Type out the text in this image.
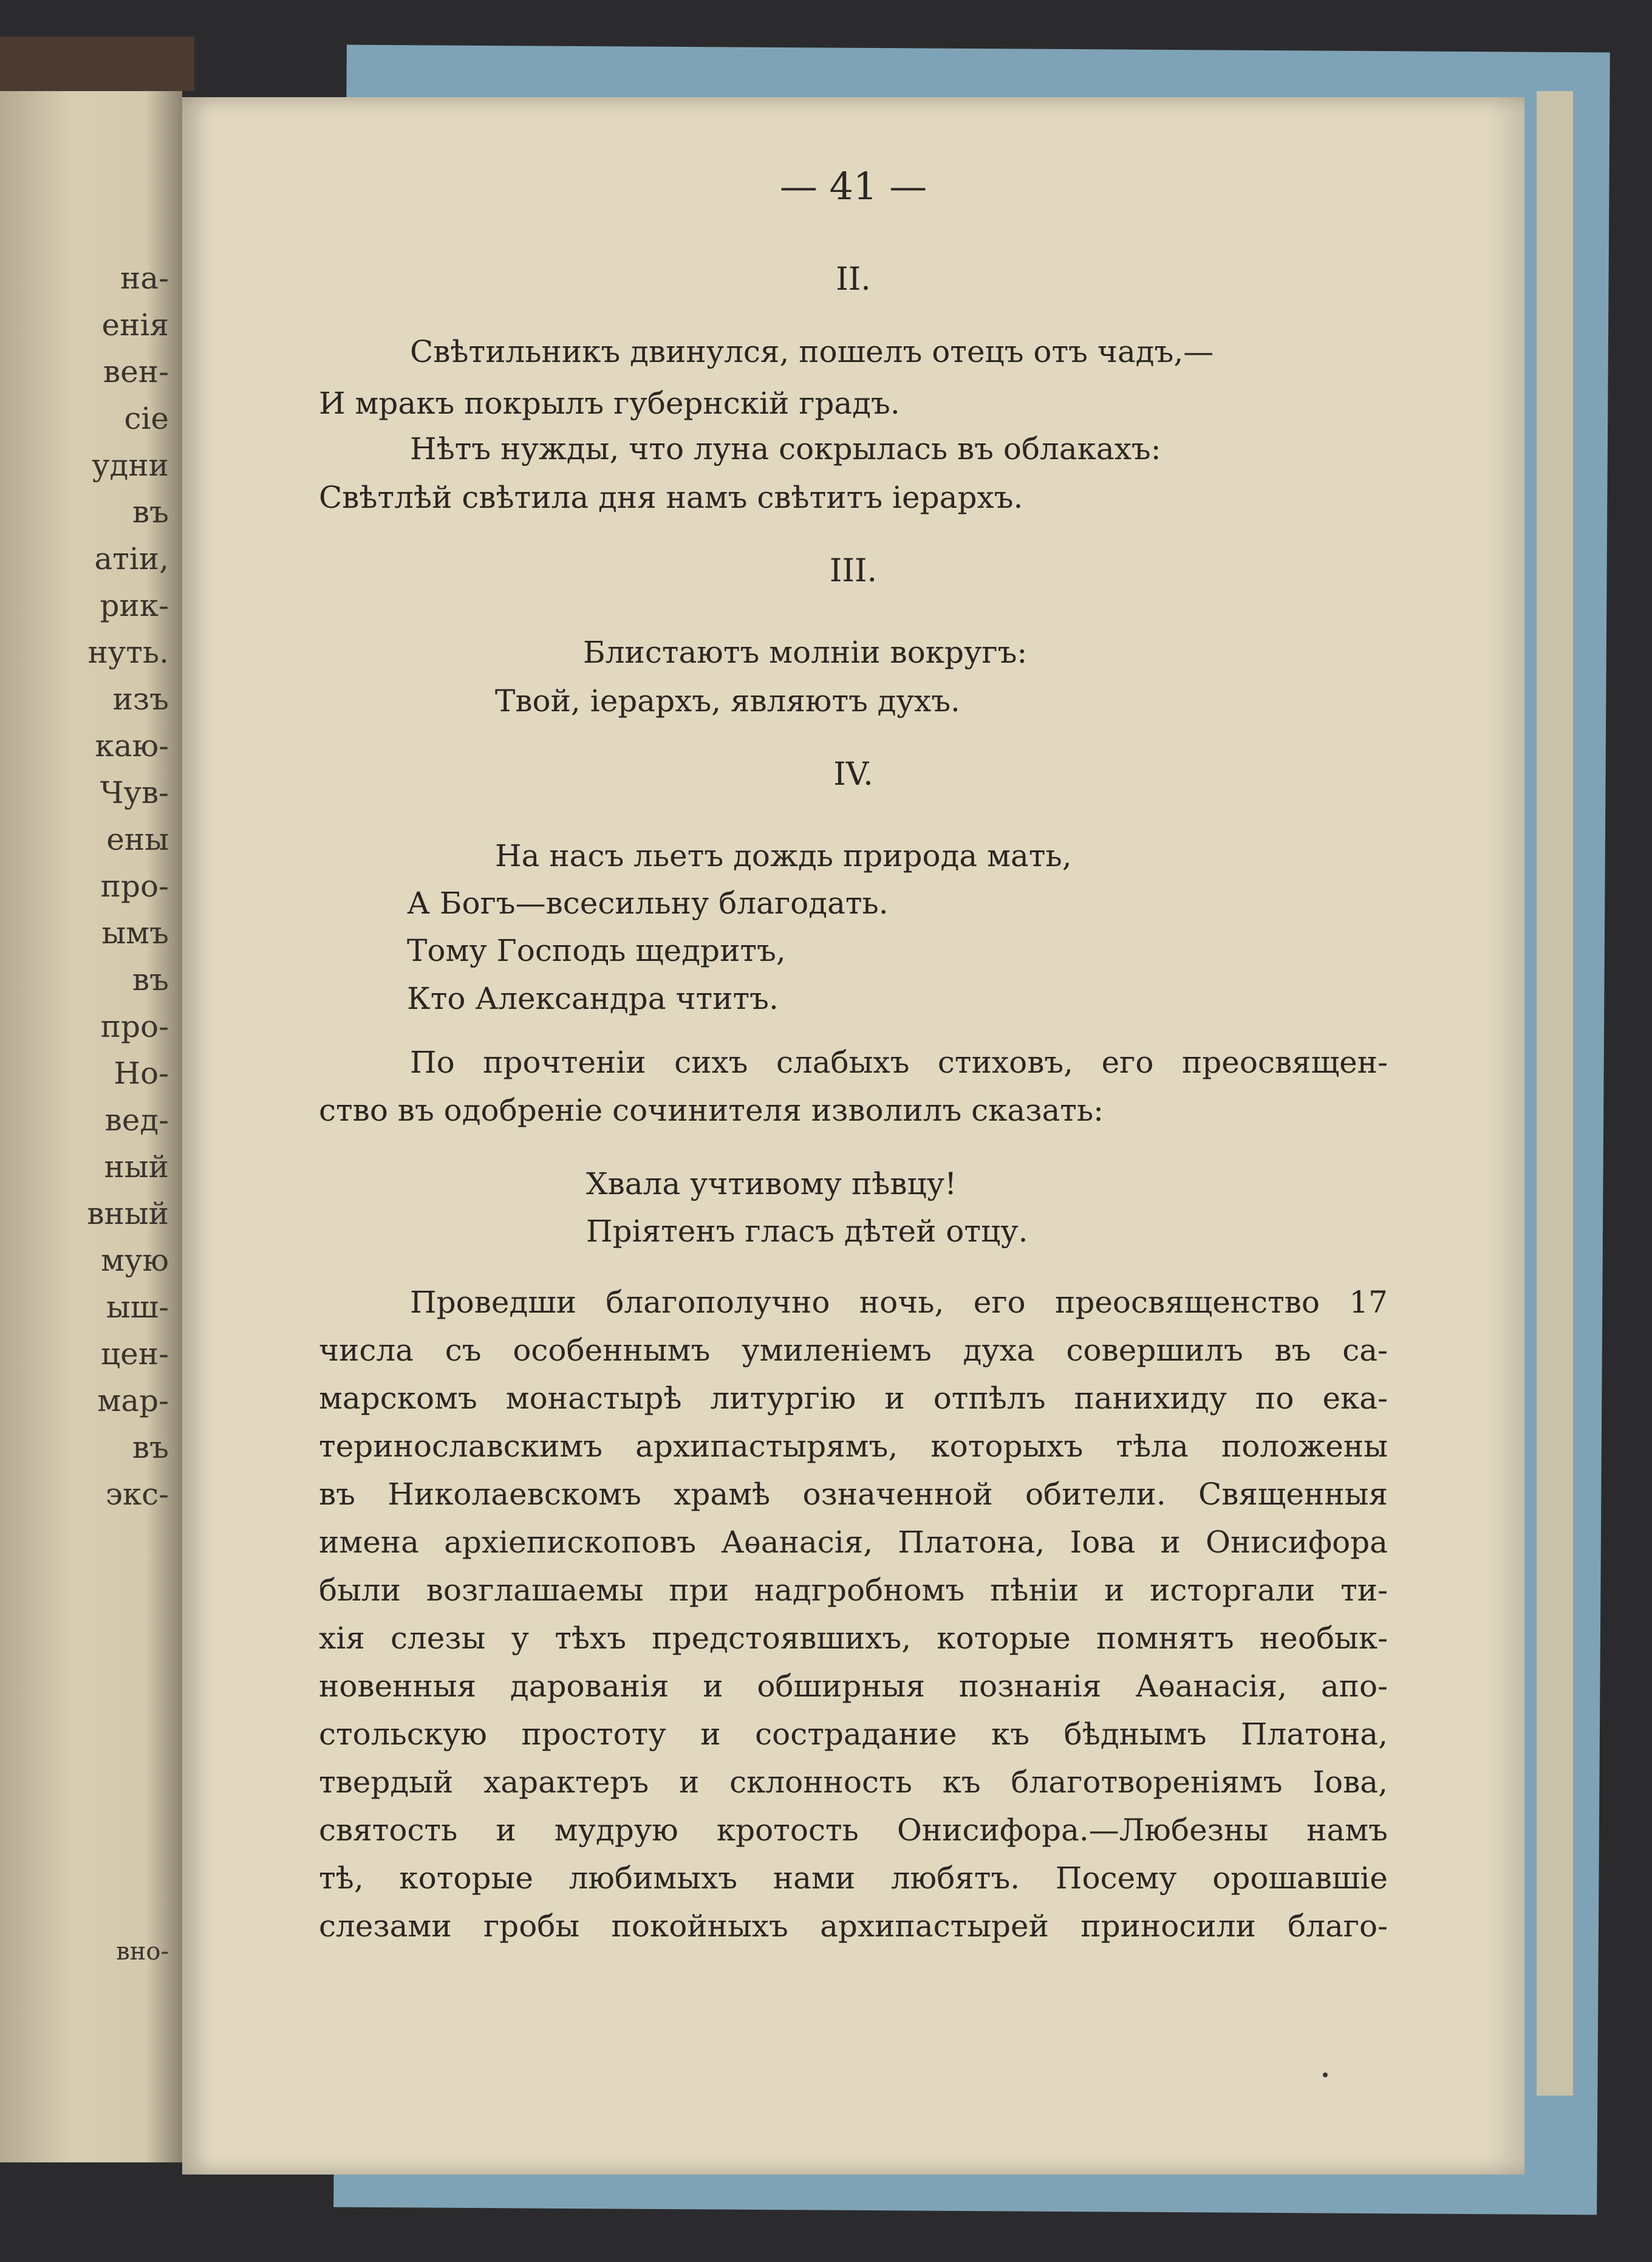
на-
енія
вен-
сіе
удни
въ
атіи,
рик-
нуть.
изъ
каю-
Чув-
ены
про-
ымъ
въ
про-
Но-
вед-
ный
вный
мую
ыш-
цен-
мар-
въ
экс-
вно-
— 41 —
II.
Свѣтильникъ двинулся, пошелъ отецъ отъ чадъ,—
И мракъ покрылъ губернскій градъ.
Нѣтъ нужды, что луна сокрылась въ облакахъ:
Свѣтлѣй свѣтила дня намъ свѣтитъ іерархъ.
III.
Блистаютъ молніи вокругъ:
Твой, іерархъ, являютъ духъ.
IV.
На насъ льетъ дождь природа мать,
А Богъ—всесильну благодать.
Тому Господь щедритъ,
Кто Александра чтитъ.
По прочтеніи сихъ слабыхъ стиховъ, его преосвящен-
ство въ одобреніе сочинителя изволилъ сказать:
Хвала учтивому пѣвцу!
Пріятенъ гласъ дѣтей отцу.
Проведши благополучно ночь, его преосвященство 17
числа съ особеннымъ умиленіемъ духа совершилъ въ са-
марскомъ монастырѣ литургію и отпѣлъ панихиду по ека-
теринославскимъ архипастырямъ, которыхъ тѣла положены
въ Николаевскомъ храмѣ означенной обители. Священныя
имена архіепископовъ Аѳанасія, Платона, Іова и Онисифора
были возглашаемы при надгробномъ пѣніи и исторгали ти-
хія слезы у тѣхъ предстоявшихъ, которые помнятъ необык-
новенныя дарованія и обширныя познанія Аѳанасія, апо-
стольскую простоту и сострадание къ бѣднымъ Платона,
твердый характеръ и склонность къ благотвореніямъ Іова,
святость и мудрую кротость Онисифора.—Любезны намъ
тѣ, которые любимыхъ нами любятъ. Посему орошавшіе
слезами гробы покойныхъ архипастырей приносили благо-
